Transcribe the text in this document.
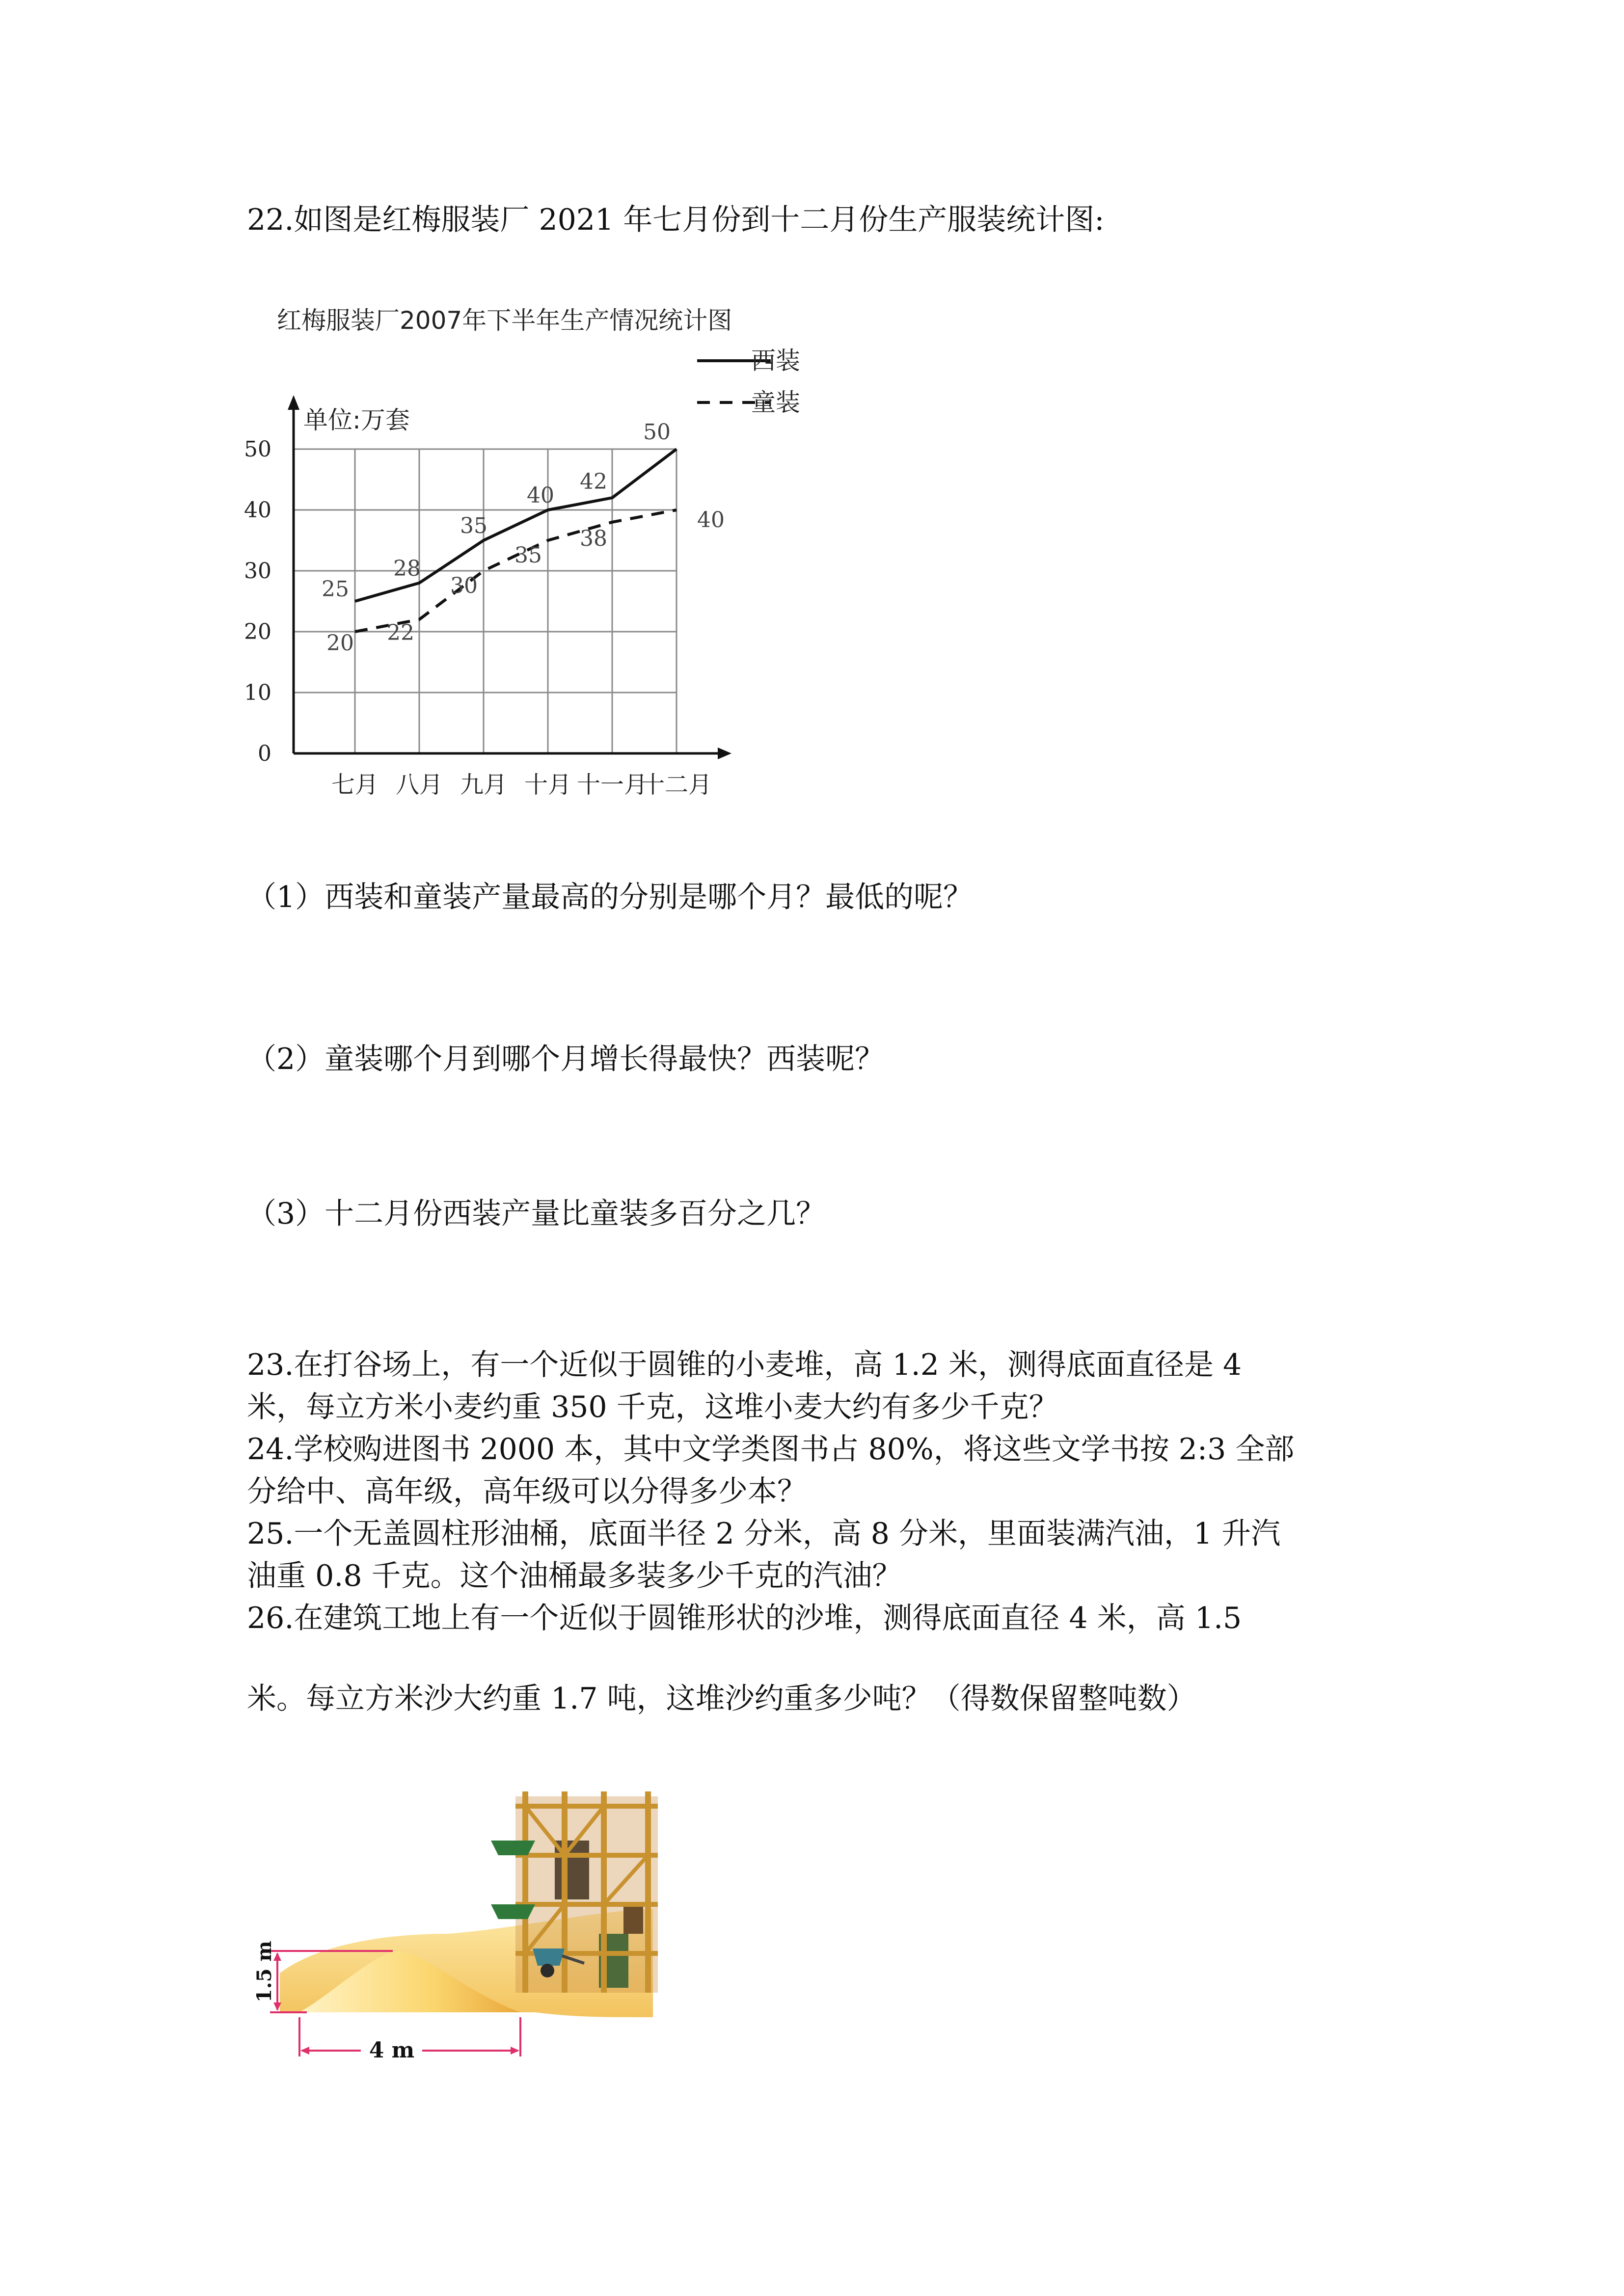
22.如图是红梅服装厂 2021 年七月份到十二月份生产服装统计图:
红梅服装厂2007年下半年生产情况统计图
西装
童装
单位:万套
0
10
20
30
40
50
七月 八月 九月 十月 十一月
十二月
25
28
35
40
42
50
20 22
30
35
38
40
（1）西装和童装产量最高的分别是哪个月？最低的呢？
（2）童装哪个月到哪个月增长得最快？西装呢？
（3）十二月份西装产量比童装多百分之几？
23.在打谷场上，有一个近似于圆锥的小麦堆，高 1.2 米，测得底面直径是 4
米，每立方米小麦约重 350 千克，这堆小麦大约有多少千克？
24.学校购进图书 2000 本，其中文学类图书占 80%，将这些文学书按 2:3 全部
分给中、高年级，高年级可以分得多少本？
25.一个无盖圆柱形油桶，底面半径 2 分米，高 8 分米，里面装满汽油，1 升汽
油重 0.8 千克。这个油桶最多装多少千克的汽油？
26.在建筑工地上有一个近似于圆锥形状的沙堆，测得底面直径 4 米，高 1.5
米。每立方米沙大约重 1.7 吨，这堆沙约重多少吨？（得数保留整吨数）
1.5 m
4 m
